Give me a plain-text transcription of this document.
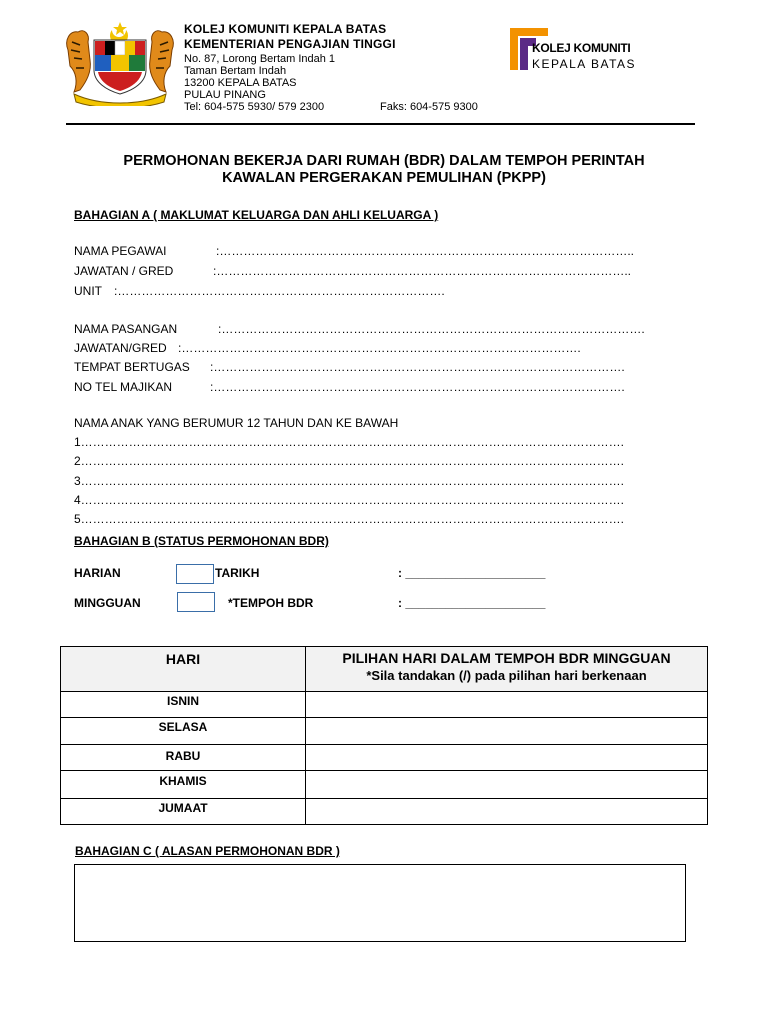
KOLEJ KOMUNITI KEPALA BATAS
KEMENTERIAN PENGAJIAN TINGGI
No. 87, Lorong Bertam Indah 1
Taman Bertam Indah
13200 KEPALA BATAS
PULAU PINANG
Tel: 604-575 5930/ 579 2300	Faks: 604-575 9300
KOLEJ KOMUNITI
KEPALA BATAS
PERMOHONAN BEKERJA DARI RUMAH (BDR) DALAM TEMPOH PERINTAH
KAWALAN PERGERAKAN PEMULIHAN (PKPP)
BAHAGIAN A ( MAKLUMAT KELUARGA DAN AHLI KELUARGA )
NAMA PEGAWAI	:…………………………………………………………………………………………..
JAWATAN / GRED	:…………………………………………………………………………………………..
UNIT :……………………………………………………………………….
NAMA PASANGAN	:…………………………………………………………………………………………….
JAWATAN/GRED :……………………………………………………………………………………….
TEMPAT BERTUGAS :………………………………………………………………………………………….
NO TEL MAJIKAN	:………………………………………………………………………………………….
NAMA ANAK YANG BERUMUR 12 TAHUN DAN KE BAWAH
1……………………………………………………………………………………………………………………….
2……………………………………………………………………………………………………………………….
3……………………………………………………………………………………………………………………….
4……………………………………………………………………………………………………………………….
5……………………………………………………………………………………………………………………….
BAHAGIAN B (STATUS PERMOHONAN BDR)
HARIAN	TARIKH	: _____________________
MINGGUAN	*TEMPOH BDR	: _____________________
HARI	PILIHAN HARI DALAM TEMPOH BDR MINGGUAN
*Sila tandakan (/) pada pilihan hari berkenaan

ISNIN	
SELASA	
RABU	
KHAMIS	
JUMAAT	
BAHAGIAN C ( ALASAN PERMOHONAN BDR )
